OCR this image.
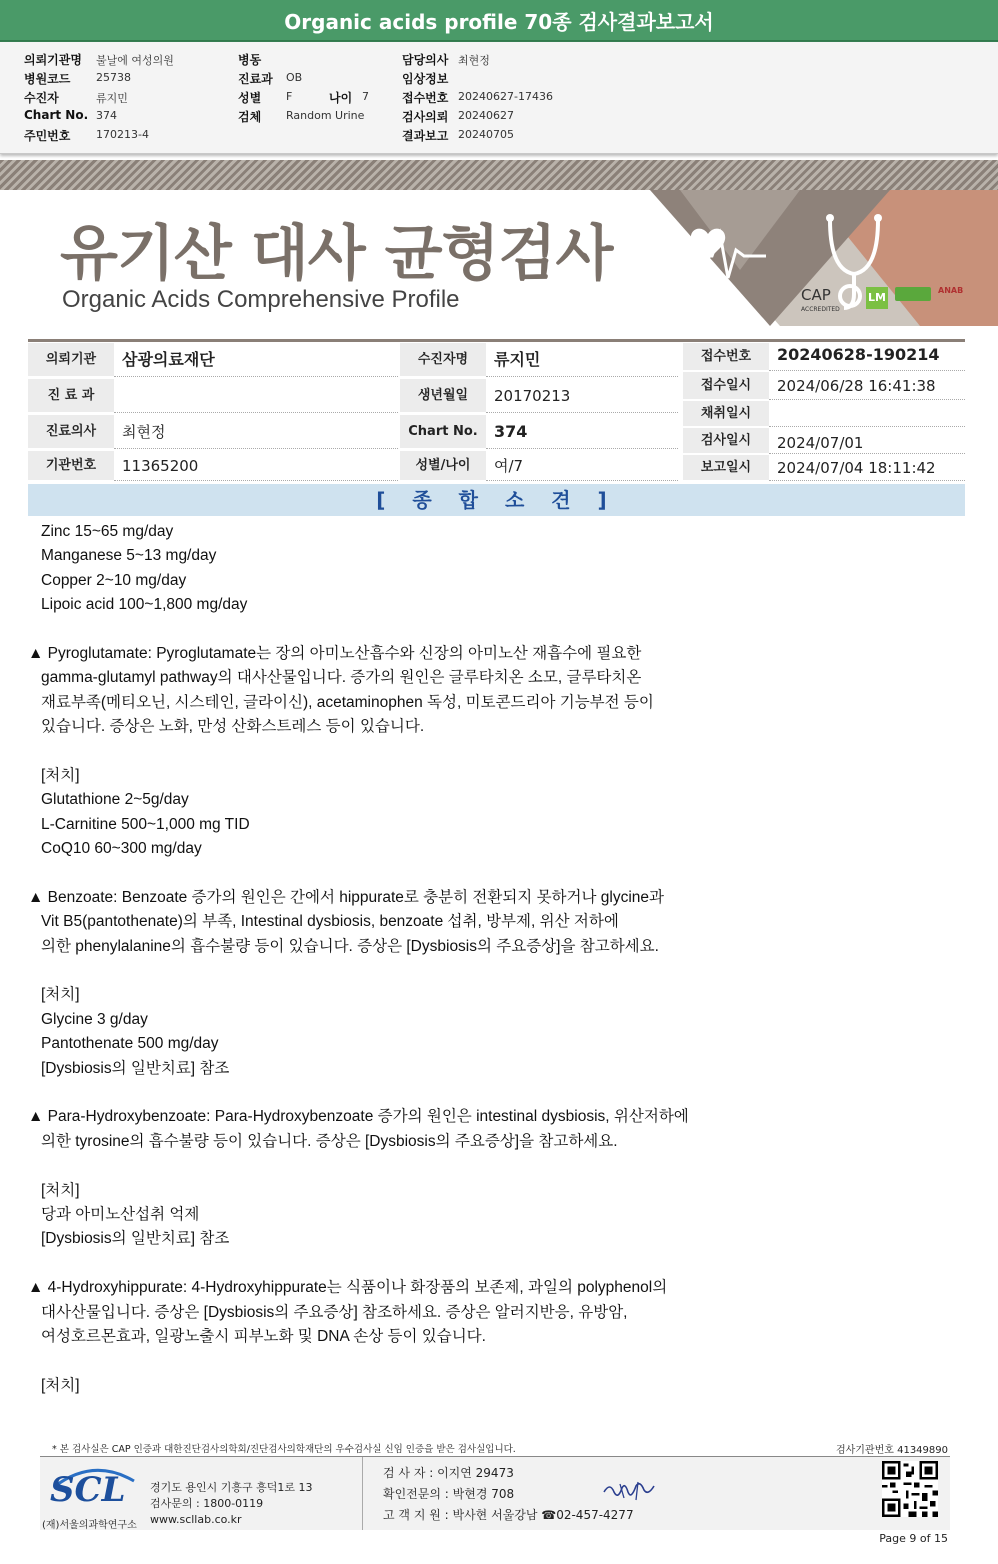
Organic acids profile 70종 검사결과보고서
의뢰기관명 불날에 여성의원
병원코드 25738
수진자	류지민
Chart No. 374
주민번호 170213-4
병동
진료과 OB
성별 F
검체 Random Urine
담당의사 최현정
임상정보
접수번호 20240627-17436
검사의뢰 20240627
결과보고 20240705
나이 7
CAP
ACCREDITED
LM
ANAB
유기산 대사 균형검사
Organic Acids Comprehensive Profile
의뢰기관	삼광의료재단
진 료 과
진료의사	최현정
기관번호	11365200
수진자명	류지민
생년월일	20170213
Chart No.	374
성별/나이	여/7
접수번호	20240628-190214
접수일시	2024/06/28 16:41:38
채취일시
검사일시	2024/07/01
보고일시	2024/07/04 18:11:42
[ 종 합 소 견 ]
Zinc 15~65 mg/day
Manganese 5~13 mg/day
Copper 2~10 mg/day
Lipoic acid 100~1,800 mg/day
▲ Pyroglutamate: Pyroglutamate는 장의 아미노산흡수와 신장의 아미노산 재흡수에 필요한
gamma-glutamyl pathway의 대사산물입니다. 증가의 원인은 글루타치온 소모, 글루타치온
재료부족(메티오닌, 시스테인, 글라이신), acetaminophen 독성, 미토콘드리아 기능부전 등이
있습니다. 증상은 노화, 만성 산화스트레스 등이 있습니다.
[처치]
Glutathione 2~5g/day
L-Carnitine 500~1,000 mg TID
CoQ10 60~300 mg/day
▲ Benzoate: Benzoate 증가의 원인은 간에서 hippurate로 충분히 전환되지 못하거나 glycine과
Vit B5(pantothenate)의 부족, Intestinal dysbiosis, benzoate 섭취, 방부제, 위산 저하에
의한 phenylalanine의 흡수불량 등이 있습니다. 증상은 [Dysbiosis의 주요증상]을 참고하세요.
[처치]
Glycine 3 g/day
Pantothenate 500 mg/day
[Dysbiosis의 일반치료] 참조
▲ Para-Hydroxybenzoate: Para-Hydroxybenzoate 증가의 원인은 intestinal dysbiosis, 위산저하에
의한 tyrosine의 흡수불량 등이 있습니다. 증상은 [Dysbiosis의 주요증상]을 참고하세요.
[처치]
당과 아미노산섭취 억제
[Dysbiosis의 일반치료] 참조
▲ 4-Hydroxyhippurate: 4-Hydroxyhippurate는 식품이나 화장품의 보존제, 과일의 polyphenol의
대사산물입니다. 증상은 [Dysbiosis의 주요증상] 참조하세요. 증상은 알러지반응, 유방암,
여성호르몬효과, 일광노출시 피부노화 및 DNA 손상 등이 있습니다.
[처치]
* 본 검사실은 CAP 인증과 대한진단검사의학회/진단검사의학재단의 우수검사실 신임 인증을 받은 검사실입니다.	검사기관번호 41349890
SCL
(재)서울의과학연구소
경기도 용인시 기흥구 흥덕1로 13
검사문의 : 1800-0119
www.scllab.co.kr
검 사 자 : 이지연 29473
확인전문의 : 박현경 708
고 객 지 원 : 박사현 서울강남 ☎02-457-4277
Page 9 of 15
